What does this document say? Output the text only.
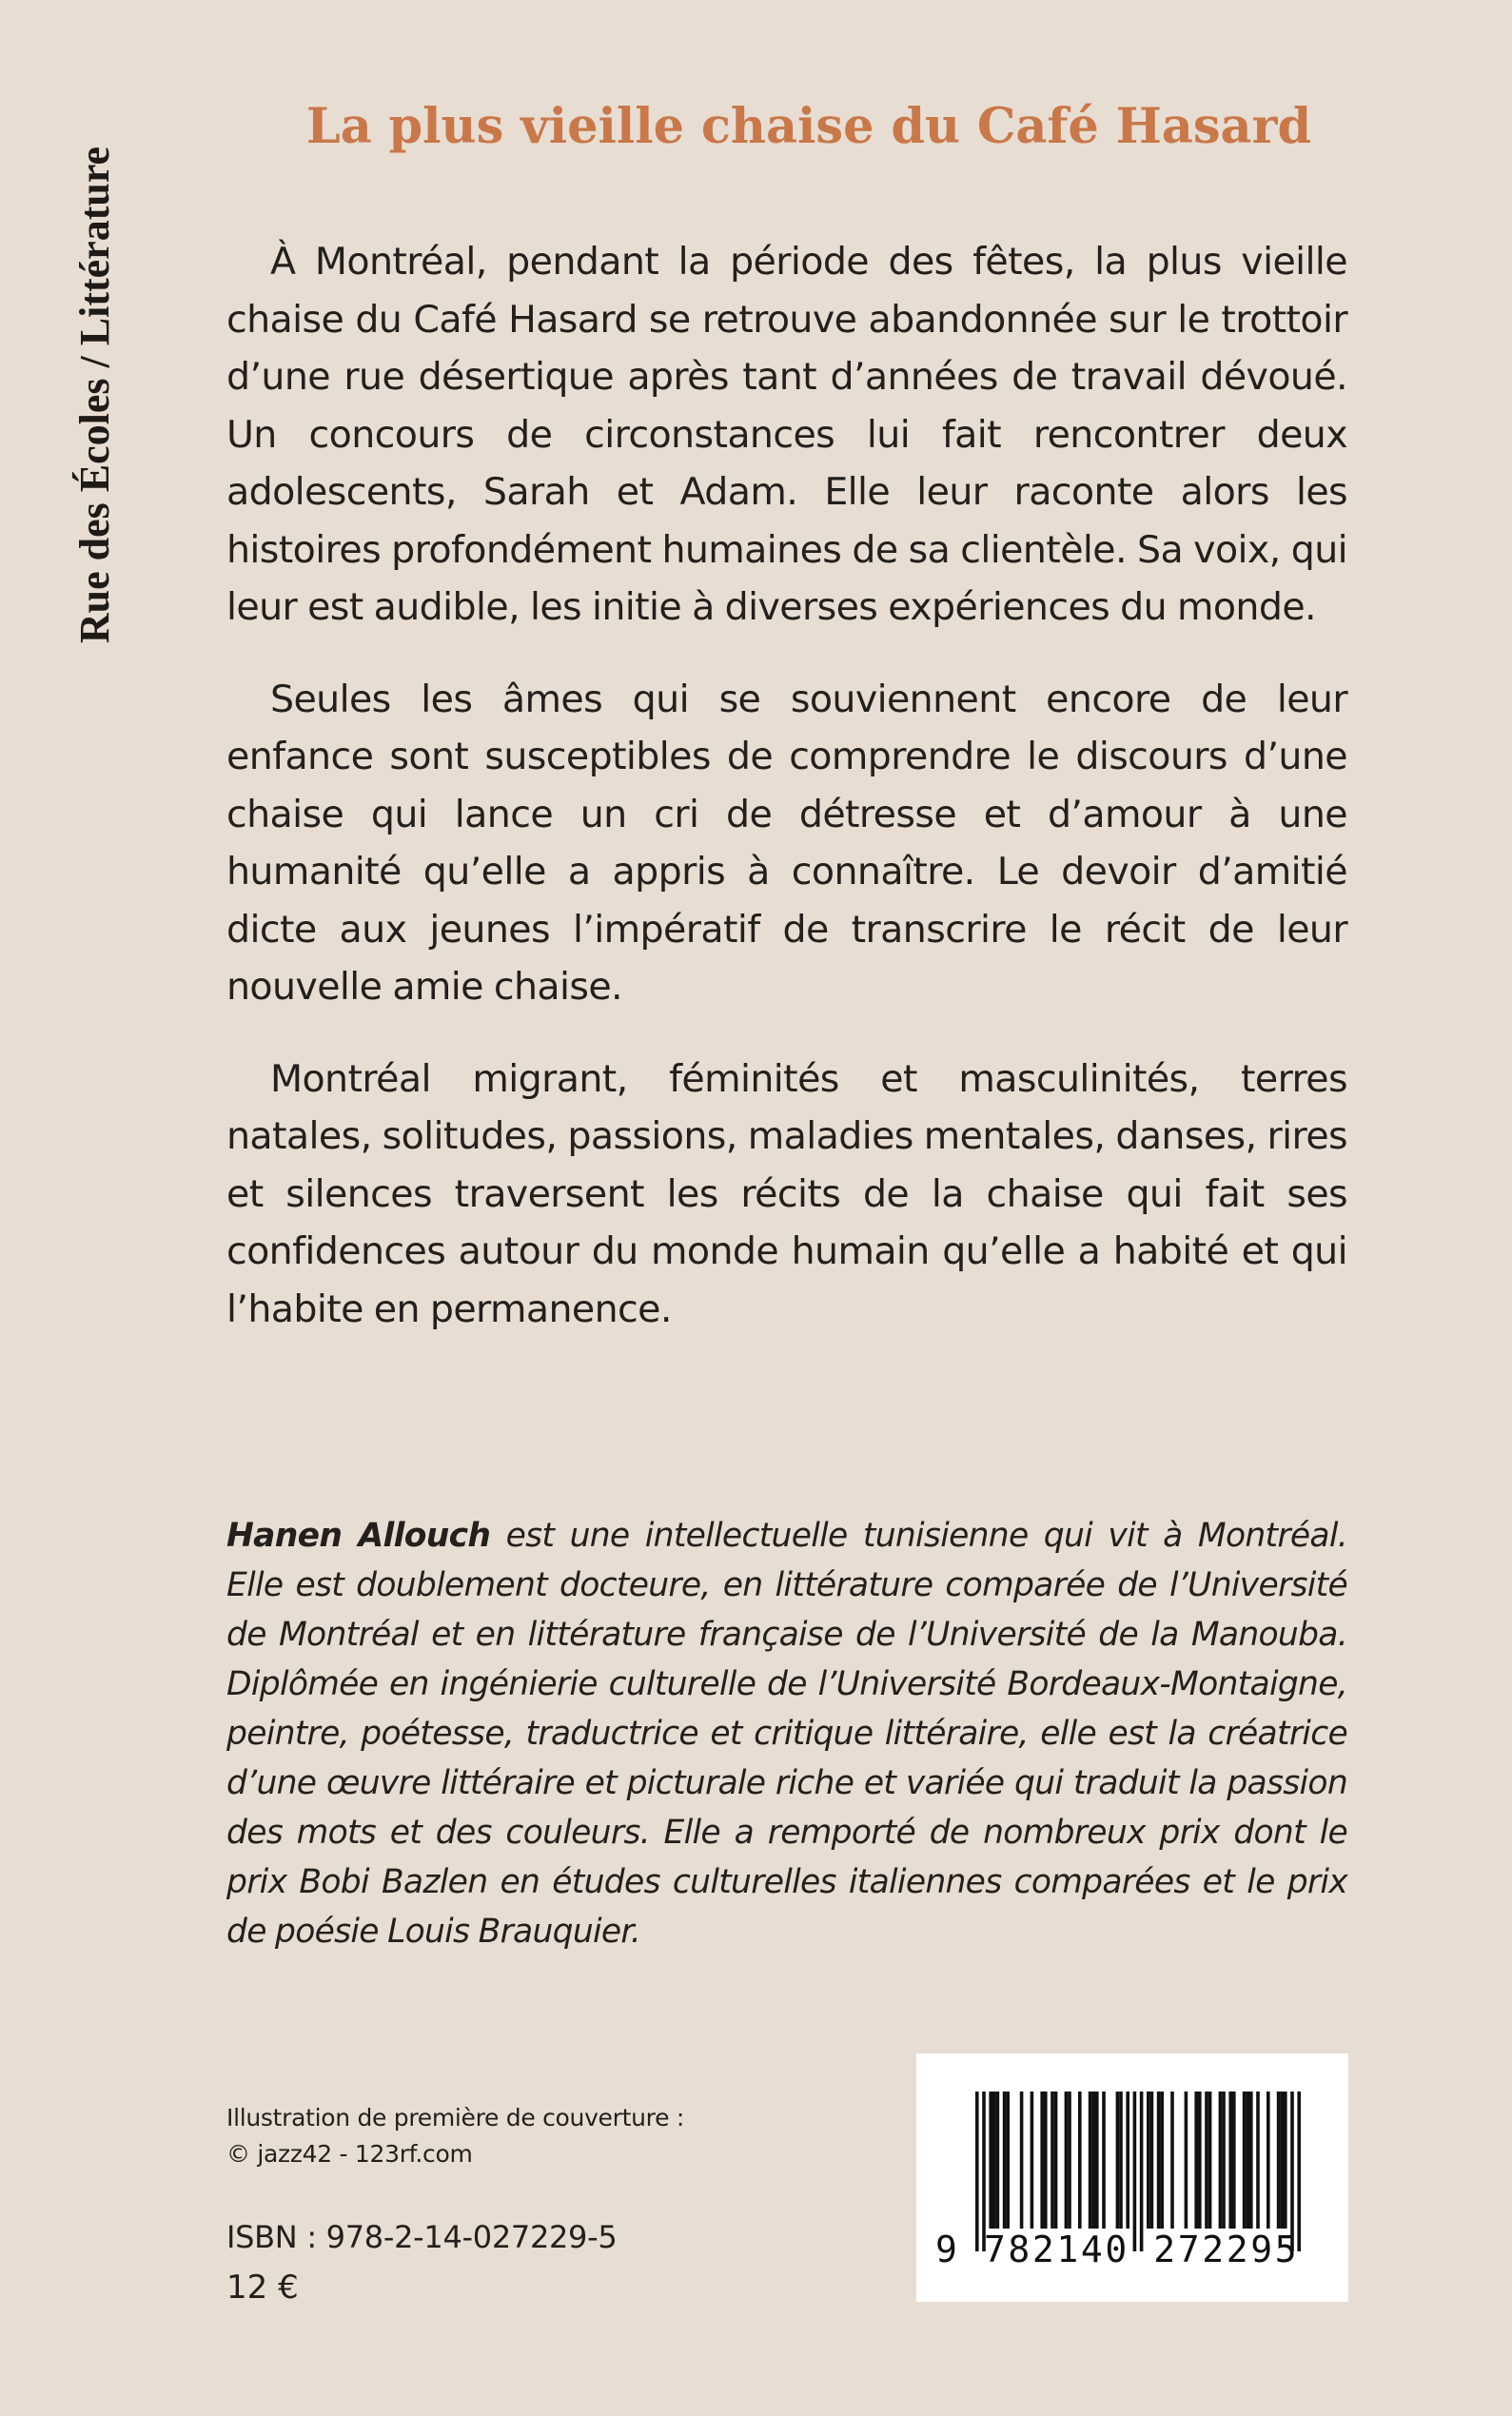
Rue des Écoles / Littérature
La plus vieille chaise du Café Hasard

À Montréal, pendant la période des fêtes, la plus vieille chaise du Café Hasard se retrouve abandonnée sur le trottoir d’une rue désertique après tant d’années de travail dévoué. Un concours de circonstances lui fait rencontrer deux adolescents, Sarah et Adam. Elle leur raconte alors les histoires profondément humaines de sa clientèle. Sa voix, qui leur est audible, les initie à diverses expériences du monde.

Seules les âmes qui se souviennent encore de leur enfance sont susceptibles de comprendre le discours d’une chaise qui lance un cri de détresse et d’amour à une humanité qu’elle a appris à connaître. Le devoir d’amitié dicte aux jeunes l’impératif de transcrire le récit de leur nouvelle amie chaise.

Montréal migrant, féminités et masculinités, terres natales, solitudes, passions, maladies mentales, danses, rires et silences traversent les récits de la chaise qui fait ses confidences autour du monde humain qu’elle a habité et qui l’habite en permanence.

Hanen Allouch est une intellectuelle tunisienne qui vit à Montréal. Elle est doublement docteure, en littérature comparée de l’Université de Montréal et en littérature française de l’Université de la Manouba. Diplômée en ingénierie culturelle de l’Université Bordeaux-Montaigne, peintre, poétesse, traductrice et critique littéraire, elle est la créatrice d’une œuvre littéraire et picturale riche et variée qui traduit la passion des mots et des couleurs. Elle a remporté de nombreux prix dont le prix Bobi Bazlen en études culturelles italiennes comparées et le prix de poésie Louis Brauquier.

Illustration de première de couverture :
© jazz42 - 123rf.com
ISBN : 978-2-14-027229-5
12 €
9 782140 272295
